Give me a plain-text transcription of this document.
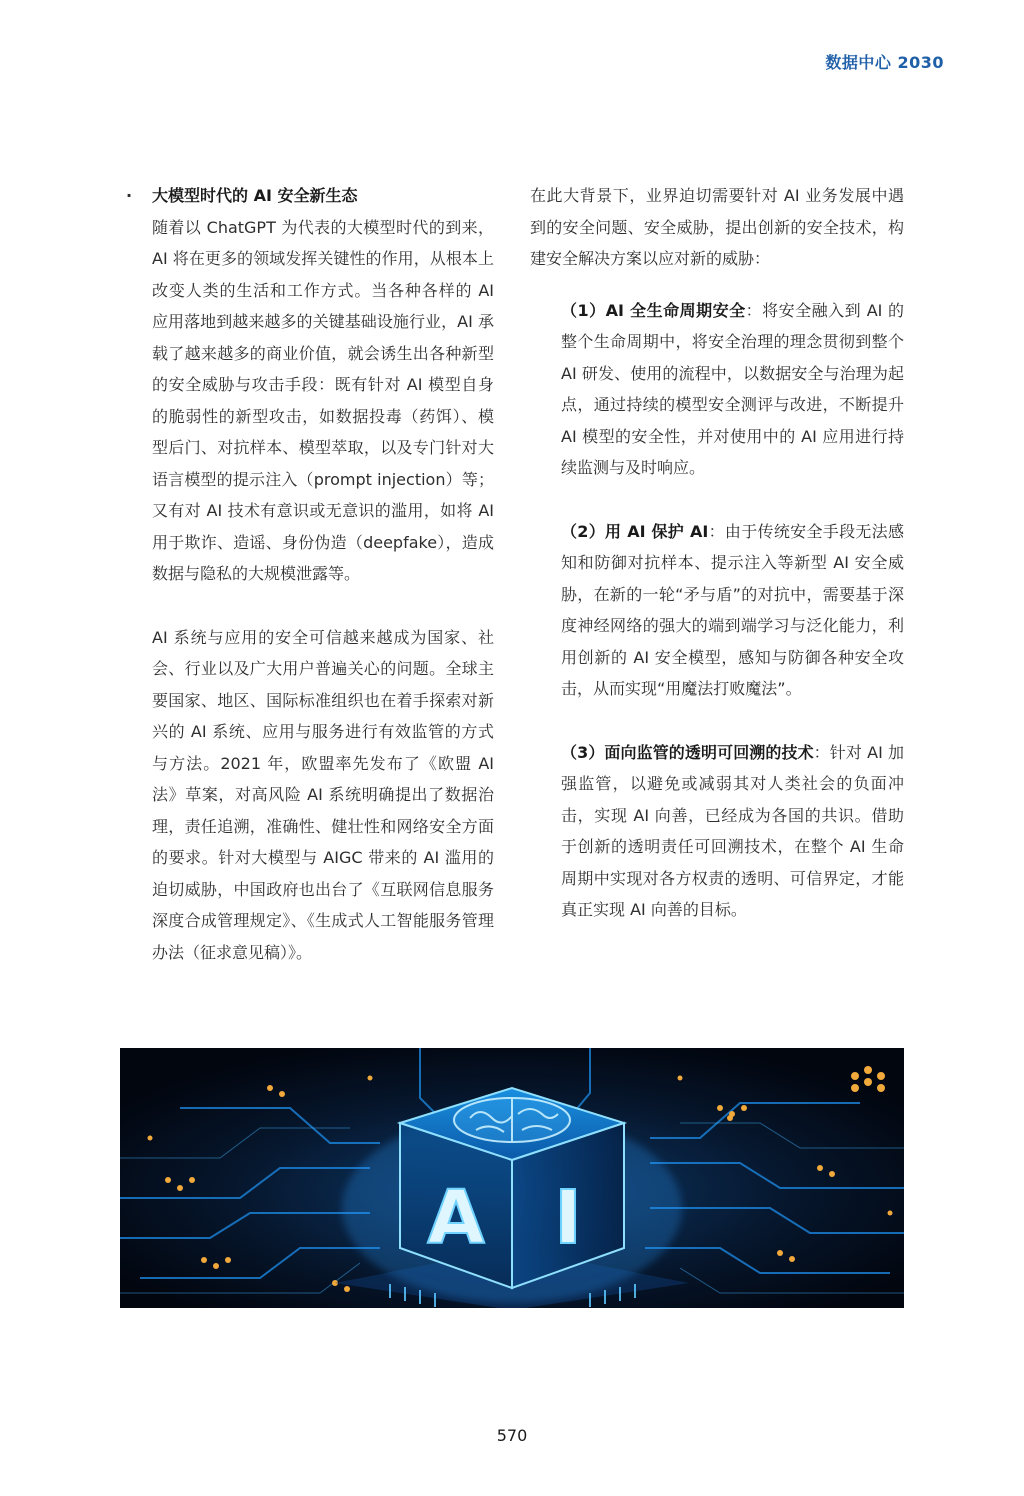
数据中心 2030
· 大模型时代的 AI 安全新生态

随着以 ChatGPT 为代表的大模型时代的到来，AI 将在更多的领域发挥关键性的作用，从根本上改变人类的生活和工作方式。当各种各样的 AI 应用落地到越来越多的关键基础设施行业，AI 承载了越来越多的商业价值，就会诱生出各种新型的安全威胁与攻击手段：既有针对 AI 模型自身的脆弱性的新型攻击，如数据投毒（药饵）、模型后门、对抗样本、模型萃取，以及专门针对大语言模型的提示注入（prompt injection）等；又有对 AI 技术有意识或无意识的滥用，如将 AI 用于欺诈、造谣、身份伪造（deepfake），造成数据与隐私的大规模泄露等。

AI 系统与应用的安全可信越来越成为国家、社会、行业以及广大用户普遍关心的问题。全球主要国家、地区、国际标准组织也在着手探索对新兴的 AI 系统、应用与服务进行有效监管的方式与方法。2021 年，欧盟率先发布了《欧盟 AI 法》草案，对高风险 AI 系统明确提出了数据治理，责任追溯，准确性、健壮性和网络安全方面的要求。针对大模型与 AIGC 带来的 AI 滥用的迫切威胁，中国政府也出台了《互联网信息服务深度合成管理规定》、《生成式人工智能服务管理办法（征求意见稿）》。

在此大背景下，业界迫切需要针对 AI 业务发展中遇到的安全问题、安全威胁，提出创新的安全技术，构建安全解决方案以应对新的威胁：

（1）AI 全生命周期安全：将安全融入到 AI 的整个生命周期中，将安全治理的理念贯彻到整个 AI 研发、使用的流程中，以数据安全与治理为起点，通过持续的模型安全测评与改进，不断提升 AI 模型的安全性，并对使用中的 AI 应用进行持续监测与及时响应。

（2）用 AI 保护 AI：由于传统安全手段无法感知和防御对抗样本、提示注入等新型 AI 安全威胁，在新的一轮“矛与盾”的对抗中，需要基于深度神经网络的强大的端到端学习与泛化能力，利用创新的 AI 安全模型，感知与防御各种安全攻击，从而实现“用魔法打败魔法”。

（3）面向监管的透明可回溯的技术：针对 AI 加强监管，以避免或减弱其对人类社会的负面冲击，实现 AI 向善，已经成为各国的共识。借助于创新的透明责任可回溯技术，在整个 AI 生命周期中实现对各方权责的透明、可信界定，才能真正实现 AI 向善的目标。

A I
570
